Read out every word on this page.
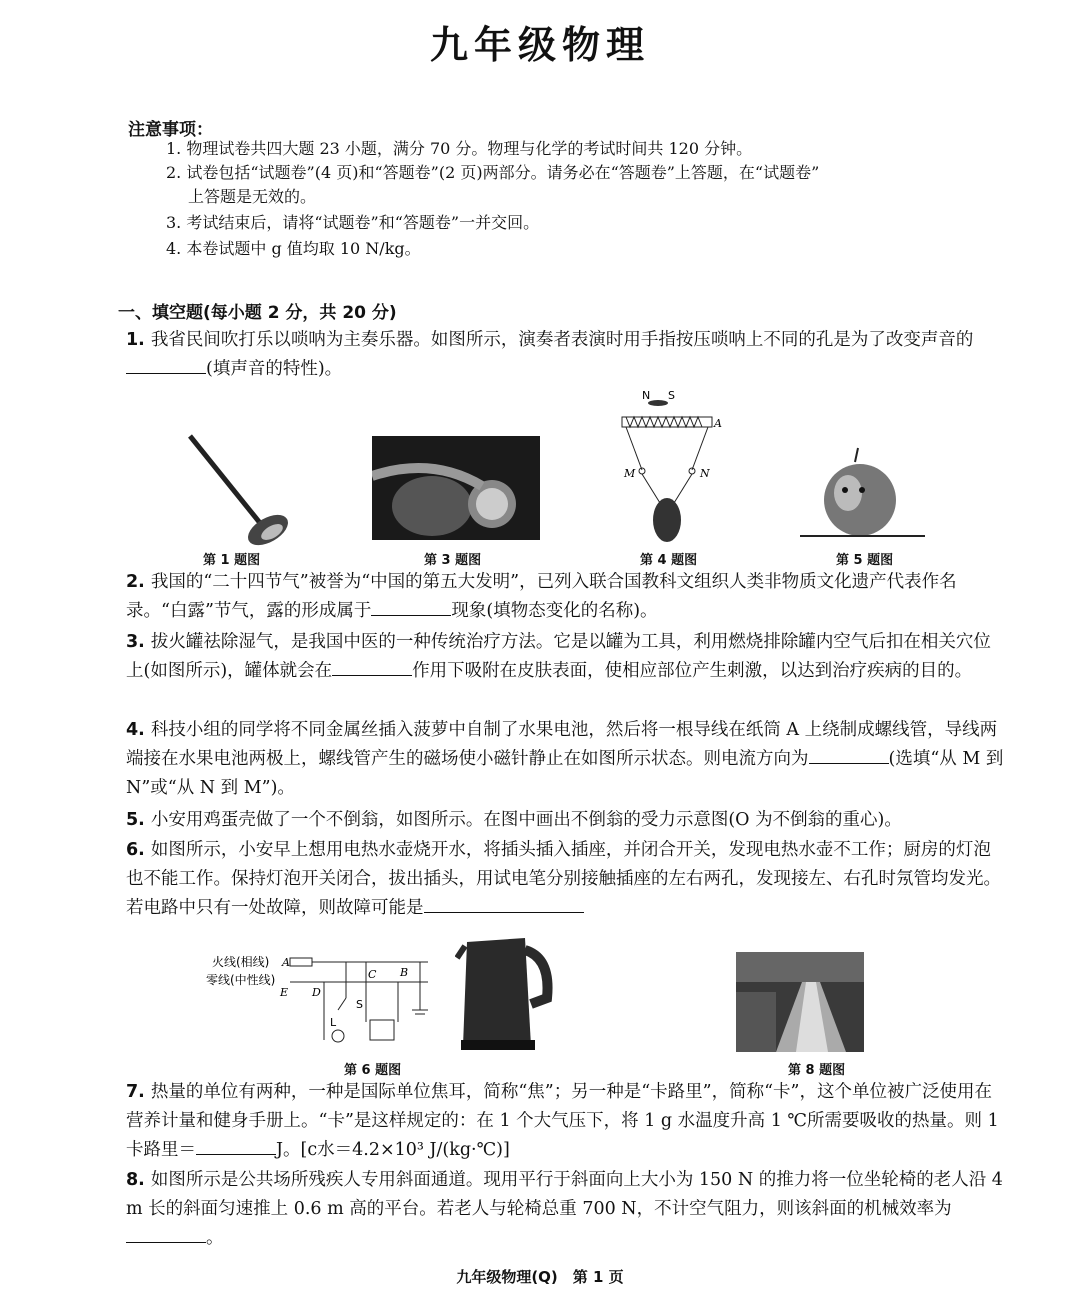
九年级物理
注意事项：
1. 物理试卷共四大题 23 小题，满分 70 分。物理与化学的考试时间共 120 分钟。
2. 试卷包括“试题卷”(4 页)和“答题卷”(2 页)两部分。请务必在“答题卷”上答题，在“试题卷”
上答题是无效的。
3. 考试结束后，请将“试题卷”和“答题卷”一并交回。
4. 本卷试题中 g 值均取 10 N/kg。
一、填空题(每小题 2 分，共 20 分)
1. 我省民间吹打乐以唢呐为主奏乐器。如图所示，演奏者表演时用手指按压唢呐上不同的孔是为了改变声音的(填声音的特性)。
第 1 题图	第 3 题图
N S
A
M	N
第 4 题图	第 5 题图
2. 我国的“二十四节气”被誉为“中国的第五大发明”，已列入联合国教科文组织人类非物质文化遗产代表作名录。“白露”节气，露的形成属于	现象(填物态变化的名称)。
3. 拔火罐祛除湿气，是我国中医的一种传统治疗方法。它是以罐为工具，利用燃烧排除罐内空气后扣在相关穴位上(如图所示)，罐体就会在	作用下吸附在皮肤表面，使相应部位产生刺激，以达到治疗疾病的目的。
4. 科技小组的同学将不同金属丝插入菠萝中自制了水果电池，然后将一根导线在纸筒 A 上绕制成螺线管，导线两端接在水果电池两极上，螺线管产生的磁场使小磁针静止在如图所示状态。则电流方向为	(选填“从 M 到 N”或“从 N 到 M”)。
5. 小安用鸡蛋壳做了一个不倒翁，如图所示。在图中画出不倒翁的受力示意图(O 为不倒翁的重心)。
6. 如图所示，小安早上想用电热水壶烧开水，将插头插入插座，并闭合开关，发现电热水壶不工作；厨房的灯泡也不能工作。保持灯泡开关闭合，拔出插头，用试电笔分别接触插座的左右两孔，发现接左、右孔时氖管均发光。若电路中只有一处故障，则故障可能是
火线(相线)
零线(中性线)
A
E
C B
D
S
L
第 6 题图	第 8 题图
7. 热量的单位有两种，一种是国际单位焦耳，简称“焦”；另一种是“卡路里”，简称“卡”，这个单位被广泛使用在营养计量和健身手册上。“卡”是这样规定的：在 1 个大气压下，将 1 g 水温度升高 1 ℃所需要吸收的热量。则 1 卡路里＝	J。[c水＝4.2×10³ J/(kg·℃)]
8. 如图所示是公共场所残疾人专用斜面通道。现用平行于斜面向上大小为 150 N 的推力将一位坐轮椅的老人沿 4 m 长的斜面匀速推上 0.6 m 高的平台。若老人与轮椅总重 700 N，不计空气阻力，则该斜面的机械效率为。
九年级物理(Q)　第 1 页
